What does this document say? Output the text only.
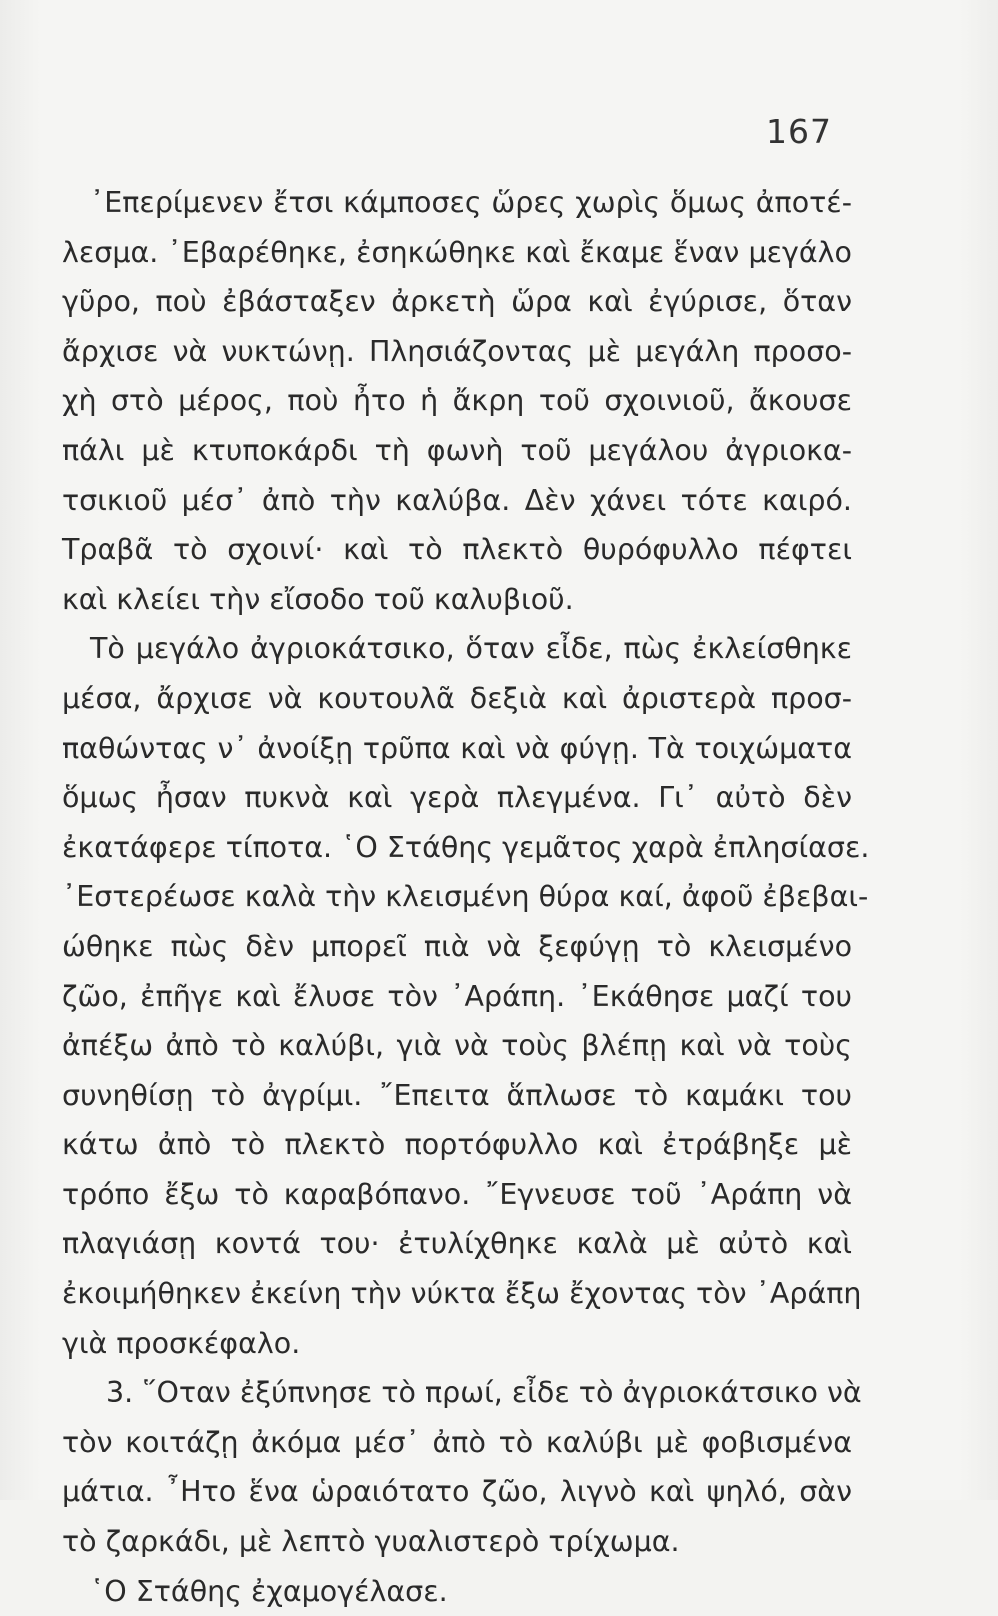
167
᾿Επερίμενεν ἔτσι κάμποσες ὥρες χωρὶς ὅμως ἀποτέ-
λεσμα. ᾿Εβαρέθηκε, ἐσηκώθηκε καὶ ἔκαμε ἕναν μεγάλο
γῦρο, ποὺ ἐβάσταξεν ἀρκετὴ ὥρα καὶ ἐγύρισε, ὅταν
ἄρχισε νὰ νυκτώνῃ. Πλησιάζοντας μὲ μεγάλη προσο-
χὴ στὸ μέρος, ποὺ ἦτο ἡ ἄκρη τοῦ σχοινιοῦ, ἄκουσε
πάλι μὲ κτυποκάρδι τὴ φωνὴ τοῦ μεγάλου ἀγριοκα-
τσικιοῦ μέσ᾿ ἀπὸ τὴν καλύβα. Δὲν χάνει τότε καιρό.
Τραβᾶ τὸ σχοινί· καὶ τὸ πλεκτὸ θυρόφυλλο πέφτει
καὶ κλείει τὴν εἴσοδο τοῦ καλυβιοῦ.
Τὸ μεγάλο ἀγριοκάτσικο, ὅταν εἶδε, πὼς ἐκλείσθηκε
μέσα, ἄρχισε νὰ κουτουλᾶ δεξιὰ καὶ ἀριστερὰ προσ-
παθώντας ν᾿ ἀνοίξῃ τρῦπα καὶ νὰ φύγῃ. Τὰ τοιχώματα
ὅμως ἦσαν πυκνὰ καὶ γερὰ πλεγμένα. Γι᾿ αὐτὸ δὲν
ἐκατάφερε τίποτα. ῾Ο Στάθης γεμᾶτος χαρὰ ἐπλησίασε.
᾿Εστερέωσε καλὰ τὴν κλεισμένη θύρα καί, ἀφοῦ ἐβεβαι-
ώθηκε πὼς δὲν μπορεῖ πιὰ νὰ ξεφύγῃ τὸ κλεισμένο
ζῶο, ἐπῆγε καὶ ἔλυσε τὸν ᾿Αράπη. ᾿Εκάθησε μαζί του
ἀπέξω ἀπὸ τὸ καλύβι, γιὰ νὰ τοὺς βλέπῃ καὶ νὰ τοὺς
συνηθίσῃ τὸ ἀγρίμι. ῎Επειτα ἅπλωσε τὸ καμάκι του
κάτω ἀπὸ τὸ πλεκτὸ πορτόφυλλο καὶ ἐτράβηξε μὲ
τρόπο ἔξω τὸ καραβόπανο. ῎Εγνευσε τοῦ ᾿Αράπη νὰ
πλαγιάσῃ κοντά του· ἐτυλίχθηκε καλὰ μὲ αὐτὸ καὶ
ἐκοιμήθηκεν ἐκείνη τὴν νύκτα ἔξω ἔχοντας τὸν ᾿Αράπη
γιὰ προσκέφαλο.
3. ῞Οταν ἐξύπνησε τὸ πρωί, εἶδε τὸ ἀγριοκάτσικο νὰ
τὸν κοιτάζῃ ἀκόμα μέσ᾿ ἀπὸ τὸ καλύβι μὲ φοβισμένα
μάτια. ῏Ητο ἕνα ὡραιότατο ζῶο, λιγνὸ καὶ ψηλό, σὰν
τὸ ζαρκάδι, μὲ λεπτὸ γυαλιστερὸ τρίχωμα.
῾Ο Στάθης ἐχαμογέλασε.
